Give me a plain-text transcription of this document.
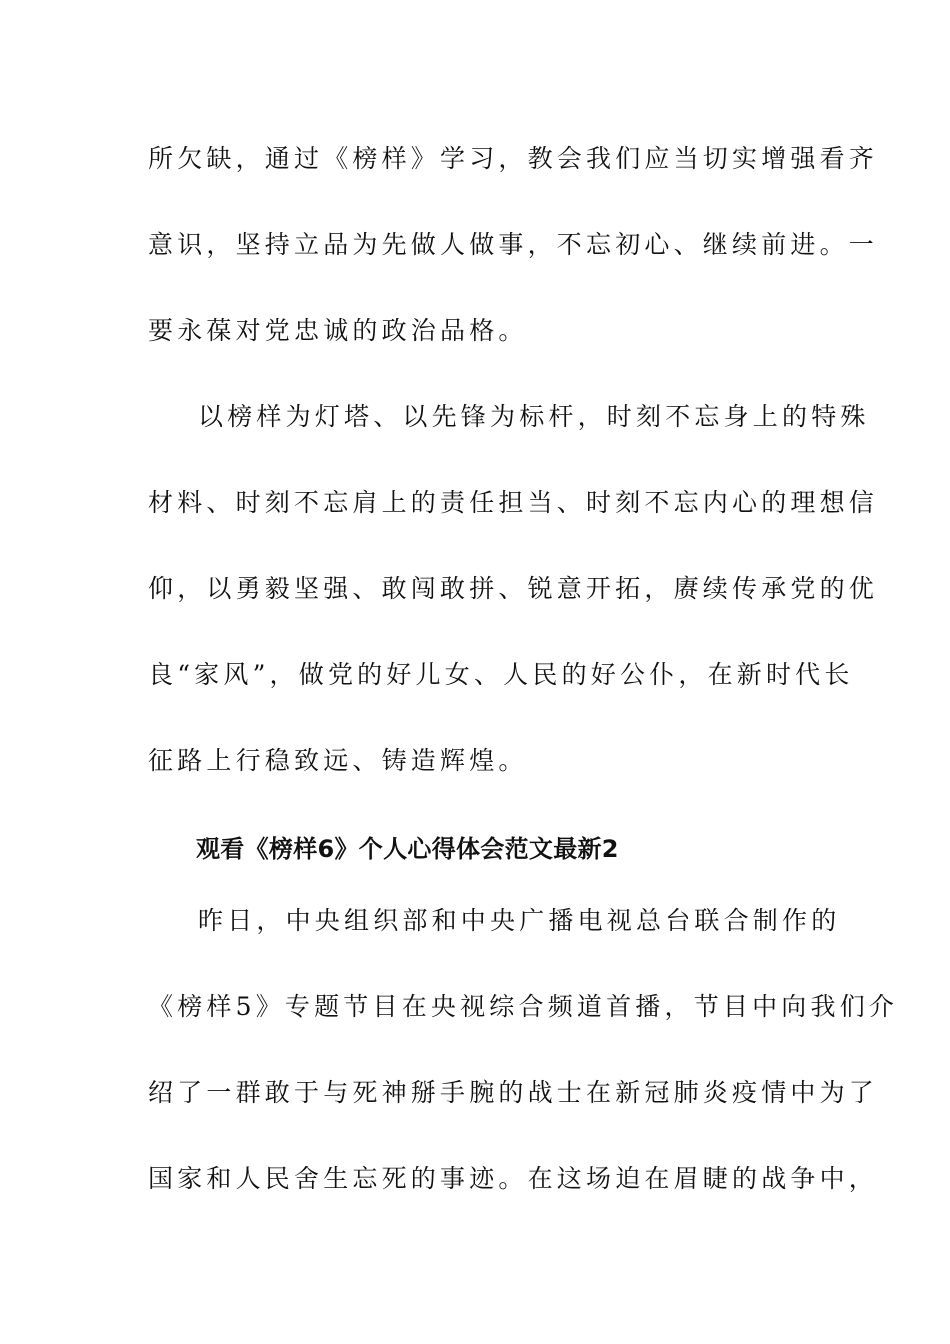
所欠缺，通过《榜样》学习，教会我们应当切实增强看齐
意识，坚持立品为先做人做事，不忘初心、继续前进。一
要永葆对党忠诚的政治品格。
以榜样为灯塔、以先锋为标杆，时刻不忘身上的特殊
材料、时刻不忘肩上的责任担当、时刻不忘内心的理想信
仰，以勇毅坚强、敢闯敢拼、锐意开拓，赓续传承党的优
良“家风”，做党的好儿女、人民的好公仆，在新时代长
征路上行稳致远、铸造辉煌。
观看《榜样6》个人心得体会范文最新2
昨日，中央组织部和中央广播电视总台联合制作的
《榜样5》专题节目在央视综合频道首播，节目中向我们介
绍了一群敢于与死神掰手腕的战士在新冠肺炎疫情中为了
国家和人民舍生忘死的事迹。在这场迫在眉睫的战争中，
